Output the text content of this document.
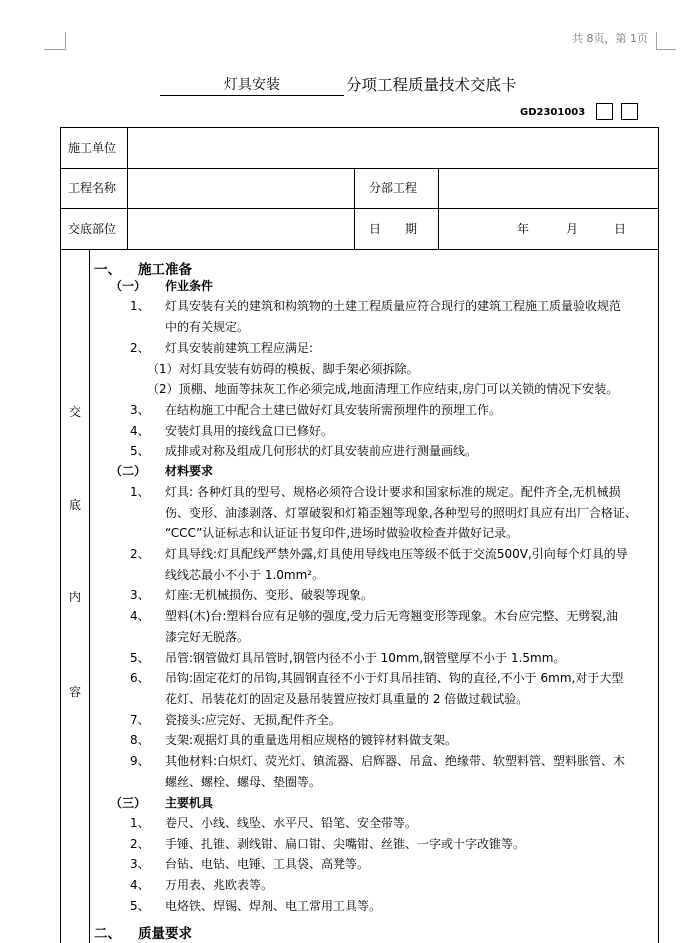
共 8页，第 1页
灯具安装	分项工程质量技术交底卡
GD2301003
施工单位
工程名称	分部工程
交底部位	日　　期	年	月	日
交
底
内
容
一、 施工准备
（一） 作业条件
1、 灯具安装有关的建筑和构筑物的土建工程质量应符合现行的建筑工程施工质量验收规范
中的有关规定。
2、 灯具安装前建筑工程应满足:
（1）对灯具安装有妨碍的模板、脚手架必须拆除。
（2）顶棚、地面等抹灰工作必须完成,地面清理工作应结束,房门可以关锁的情况下安装。
3、 在结构施工中配合土建已做好灯具安装所需预埋件的预埋工作。
4、 安装灯具用的接线盒口已修好。
5、 成排或对称及组成几何形状的灯具安装前应进行测量画线。
（二） 材料要求
1、 灯具: 各种灯具的型号、规格必须符合设计要求和国家标准的规定。配件齐全,无机械损
伤、变形、油漆剥落、灯罩破裂和灯箱歪翘等现象,各种型号的照明灯具应有出厂合格证、
“CCC”认证标志和认证证书复印件,进场时做验收检查并做好记录。
2、 灯具导线:灯具配线严禁外露,灯具使用导线电压等级不低于交流500V,引向每个灯具的导
线线芯最小不小于 1.0mm²。
3、 灯座:无机械损伤、变形、破裂等现象。
4、 塑料(木)台:塑料台应有足够的强度,受力后无弯翘变形等现象。木台应完整、无劈裂,油
漆完好无脱落。
5、 吊管:钢管做灯具吊管时,钢管内径不小于 10mm,钢管壁厚不小于 1.5mm。
6、 吊钩:固定花灯的吊钩,其圆钢直径不小于灯具吊挂销、钩的直径,不小于 6mm,对于大型
花灯、吊装花灯的固定及悬吊装置应按灯具重量的 2 倍做过载试验。
7、 瓷接头:应完好、无损,配件齐全。
8、 支架:观据灯具的重量选用相应规格的镀锌材料做支架。
9、 其他材料:白炽灯、荧光灯、镇流器、启辉器、吊盒、绝缘带、软塑料管、塑料胀管、木
螺丝、螺栓、螺母、垫圈等。
（三） 主要机具
1、 卷尺、小线、线坠、水平尺、铅笔、安全带等。
2、 手锤、扎锥、剥线钳、扁口钳、尖嘴钳、丝锥、一字或十字改锥等。
3、 台钻、电钻、电锤、工具袋、高凳等。
4、 万用表、兆欧表等。
5、 电烙铁、焊锡、焊剂、电工常用工具等。
二、 质量要求
